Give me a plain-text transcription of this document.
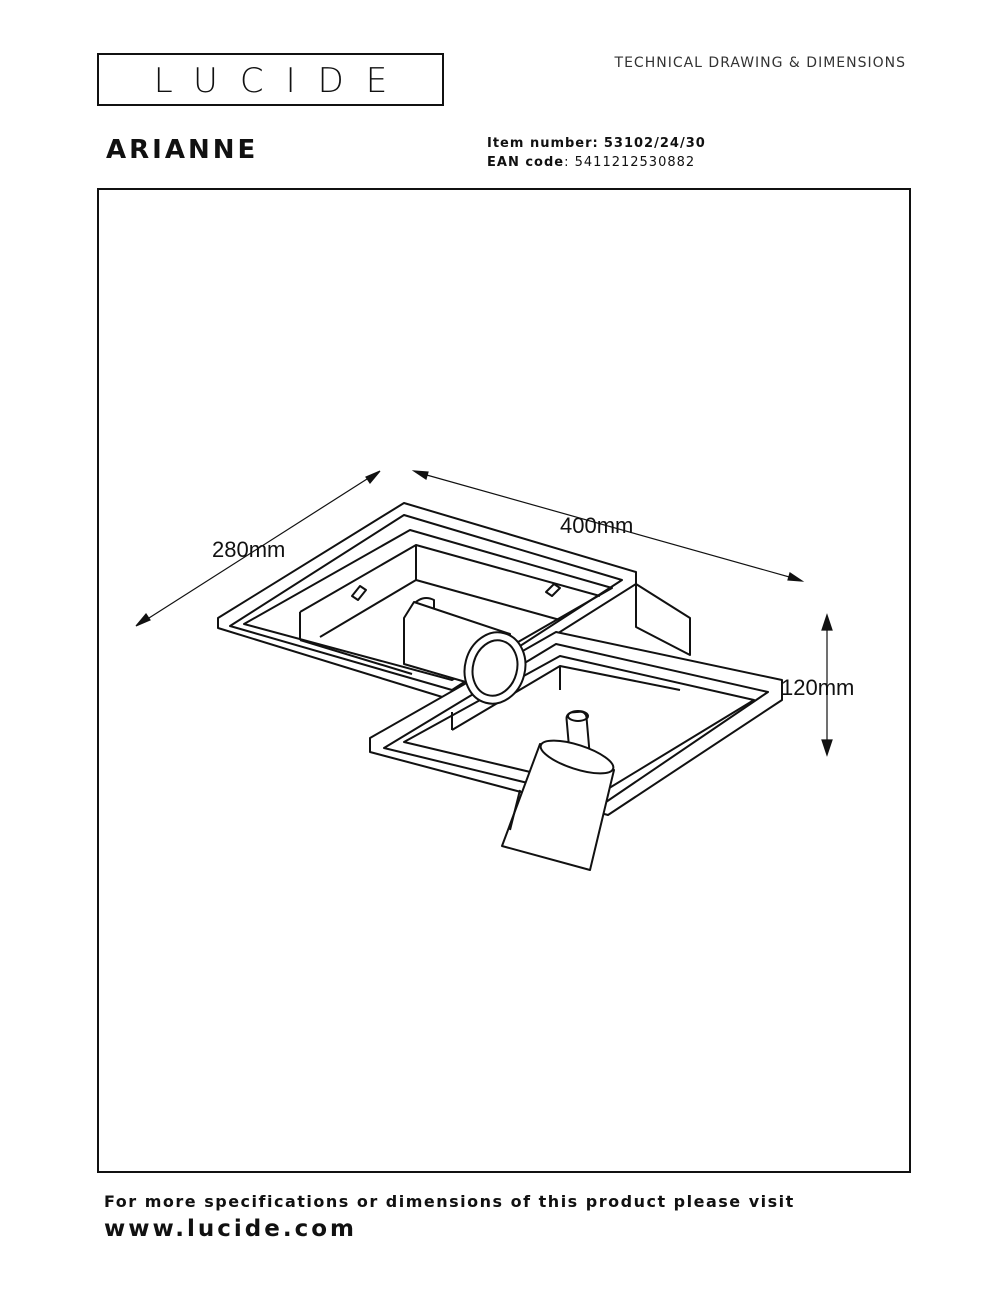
LUCIDE	TECHNICAL DRAWING & DIMENSIONS
ARIANNE	Item number: 53102/24/30
EAN code: 5411212530882
280mm
400mm
120mm
For more specifications or dimensions of this product please visit
www.lucide.com
